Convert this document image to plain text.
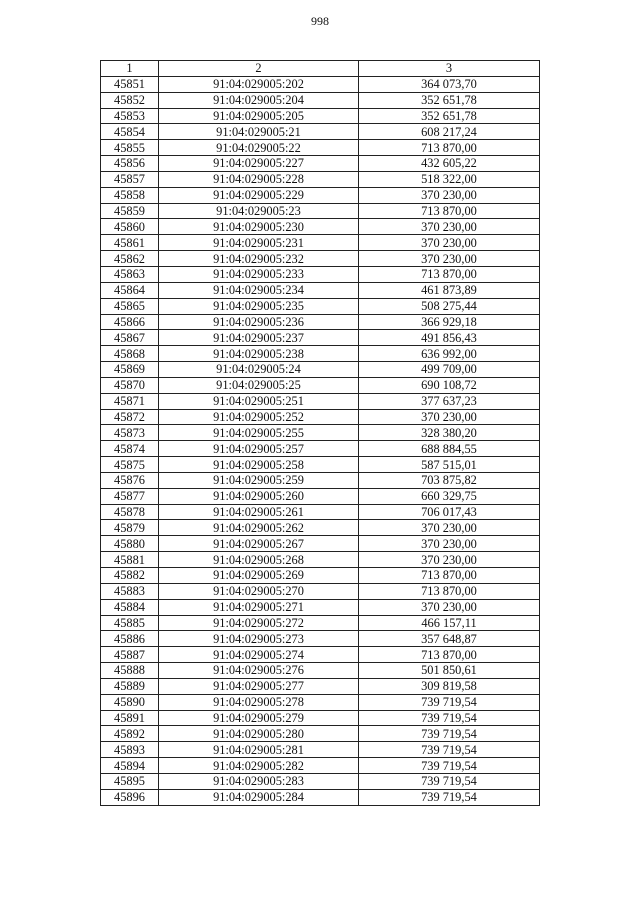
998
1	2	3
45851	91:04:029005:202	364 073,70
45852	91:04:029005:204	352 651,78
45853	91:04:029005:205	352 651,78
45854	91:04:029005:21	608 217,24
45855	91:04:029005:22	713 870,00
45856	91:04:029005:227	432 605,22
45857	91:04:029005:228	518 322,00
45858	91:04:029005:229	370 230,00
45859	91:04:029005:23	713 870,00
45860	91:04:029005:230	370 230,00
45861	91:04:029005:231	370 230,00
45862	91:04:029005:232	370 230,00
45863	91:04:029005:233	713 870,00
45864	91:04:029005:234	461 873,89
45865	91:04:029005:235	508 275,44
45866	91:04:029005:236	366 929,18
45867	91:04:029005:237	491 856,43
45868	91:04:029005:238	636 992,00
45869	91:04:029005:24	499 709,00
45870	91:04:029005:25	690 108,72
45871	91:04:029005:251	377 637,23
45872	91:04:029005:252	370 230,00
45873	91:04:029005:255	328 380,20
45874	91:04:029005:257	688 884,55
45875	91:04:029005:258	587 515,01
45876	91:04:029005:259	703 875,82
45877	91:04:029005:260	660 329,75
45878	91:04:029005:261	706 017,43
45879	91:04:029005:262	370 230,00
45880	91:04:029005:267	370 230,00
45881	91:04:029005:268	370 230,00
45882	91:04:029005:269	713 870,00
45883	91:04:029005:270	713 870,00
45884	91:04:029005:271	370 230,00
45885	91:04:029005:272	466 157,11
45886	91:04:029005:273	357 648,87
45887	91:04:029005:274	713 870,00
45888	91:04:029005:276	501 850,61
45889	91:04:029005:277	309 819,58
45890	91:04:029005:278	739 719,54
45891	91:04:029005:279	739 719,54
45892	91:04:029005:280	739 719,54
45893	91:04:029005:281	739 719,54
45894	91:04:029005:282	739 719,54
45895	91:04:029005:283	739 719,54
45896	91:04:029005:284	739 719,54
